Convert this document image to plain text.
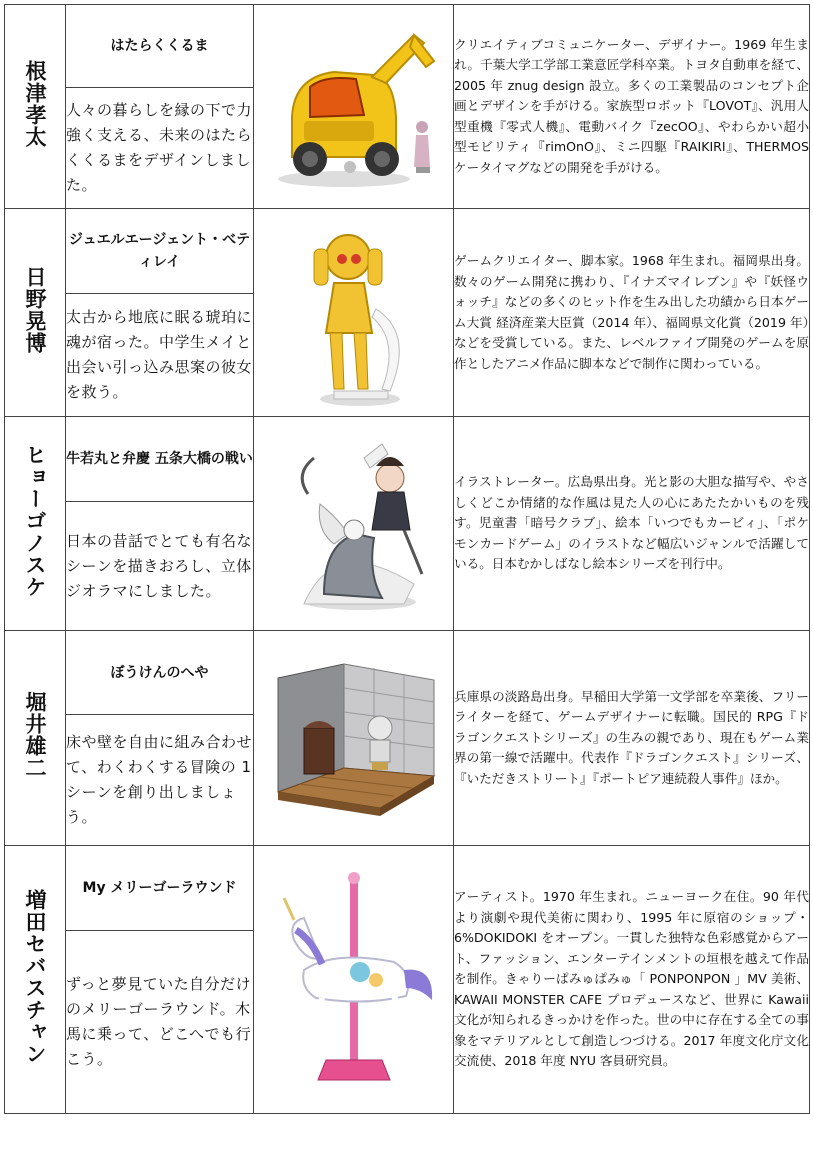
根津孝太	はたらくくるま		クリエイティブコミュニケーター、デザイナー。1969 年生まれ。千葉大学工学部工業意匠学科卒業。トヨタ自動車を経て、2005 年 znug design 設立。多くの工業製品のコンセプト企画とデザインを手がける。家族型ロボット『LOVOT』、汎用人型重機『零式人機』、電動バイク『zecOO』、やわらかい超小型モビリティ『rimOnO』、ミニ四駆『RAIKIRI』、THERMOS ケータイマグなどの開発を手がける。
	人々の暮らしを縁の下で力強く支える、未来のはたらくくるまをデザインしました。		
日野晃博	ジュエルエージェント・べティレイ		ゲームクリエイター、脚本家。1968 年生まれ。福岡県出身。数々のゲーム開発に携わり、『イナズマイレブン』や『妖怪ウォッチ』などの多くのヒット作を生み出した功績から日本ゲーム大賞 経済産業大臣賞（2014 年）、福岡県文化賞（2019 年）などを受賞している。また、レベルファイブ開発のゲームを原作としたアニメ作品に脚本などで制作に関わっている。
	太古から地底に眠る琥珀に魂が宿った。中学生メイと出会い引っ込み思案の彼女を救う。		
ヒョーゴノスケ	牛若丸と弁慶 五条大橋の戦い		イラストレーター。広島県出身。光と影の大胆な描写や、やさしくどこか情緒的な作風は見た人の心にあたたかいものを残す。児童書「暗号クラブ」、絵本「いつでもカービィ」、「ポケモンカードゲーム」のイラストなど幅広いジャンルで活躍している。日本むかしばなし絵本シリーズを刊行中。
	日本の昔話でとても有名なシーンを描きおろし、立体ジオラマにしました。		
堀井雄二	ぼうけんのへや		兵庫県の淡路島出身。早稲田大学第一文学部を卒業後、フリーライターを経て、ゲームデザイナーに転職。国民的 RPG『ドラゴンクエストシリーズ』の生みの親であり、現在もゲーム業界の第一線で活躍中。代表作『ドラゴンクエスト』シリーズ、『いただきストリート』『ポートピア連続殺人事件』ほか。
	床や壁を自由に組み合わせて、わくわくする冒険の 1 シーンを創り出しましょう。		
増田セバスチャン	My メリーゴーラウンド		アーティスト。1970 年生まれ。ニューヨーク在住。90 年代より演劇や現代美術に関わり、1995 年に原宿のショップ・6%DOKIDOKI をオープン。一貫した独特な色彩感覚からアート、ファッション、エンターテインメントの垣根を越えて作品を制作。きゃりーぱみゅぱみゅ「 PONPONPON 」MV 美術、KAWAII MONSTER CAFE プロデュースなど、世界に Kawaii 文化が知られるきっかけを作った。世の中に存在する全ての事象をマテリアルとして創造しつづける。2017 年度文化庁文化交流使、2018 年度 NYU 客員研究員。
	ずっと夢見ていた自分だけのメリーゴーラウンド。木馬に乗って、どこへでも行こう。		
